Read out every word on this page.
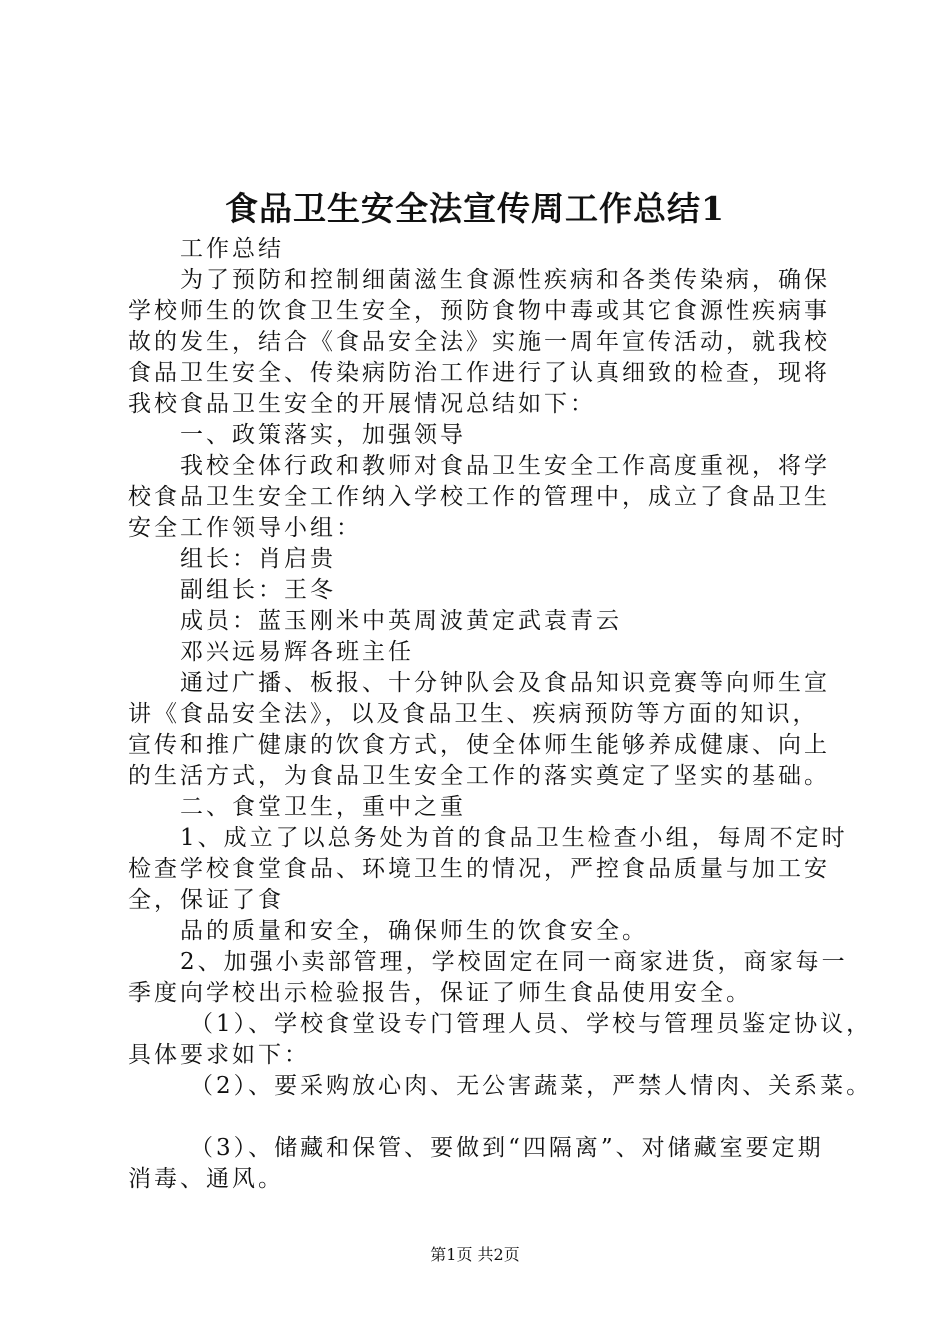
食品卫生安全法宣传周工作总结1

工作总结

为了预防和控制细菌滋生食源性疾病和各类传染病，确保

学校师生的饮食卫生安全，预防食物中毒或其它食源性疾病事

故的发生，结合《食品安全法》实施一周年宣传活动，就我校

食品卫生安全、传染病防治工作进行了认真细致的检查，现将

我校食品卫生安全的开展情况总结如下：

一、政策落实，加强领导

我校全体行政和教师对食品卫生安全工作高度重视，将学

校食品卫生安全工作纳入学校工作的管理中，成立了食品卫生

安全工作领导小组：

组长：肖启贵

副组长：王冬

成员：蓝玉刚米中英周波黄定武袁青云

邓兴远易辉各班主任

通过广播、板报、十分钟队会及食品知识竞赛等向师生宣

讲《食品安全法》，以及食品卫生、疾病预防等方面的知识，

宣传和推广健康的饮食方式，使全体师生能够养成健康、向上

的生活方式，为食品卫生安全工作的落实奠定了坚实的基础。

二、食堂卫生，重中之重

1、成立了以总务处为首的食品卫生检查小组，每周不定时

检查学校食堂食品、环境卫生的情况，严控食品质量与加工安

全，保证了食

品的质量和安全，确保师生的饮食安全。

2、加强小卖部管理，学校固定在同一商家进货，商家每一

季度向学校出示检验报告，保证了师生食品使用安全。

（1）、学校食堂设专门管理人员、学校与管理员鉴定协议，

具体要求如下：

（2）、要采购放心肉、无公害蔬菜，严禁人情肉、关系菜。

（3）、储藏和保管、要做到“四隔离”、对储藏室要定期

消毒、通风。

第1页 共2页
